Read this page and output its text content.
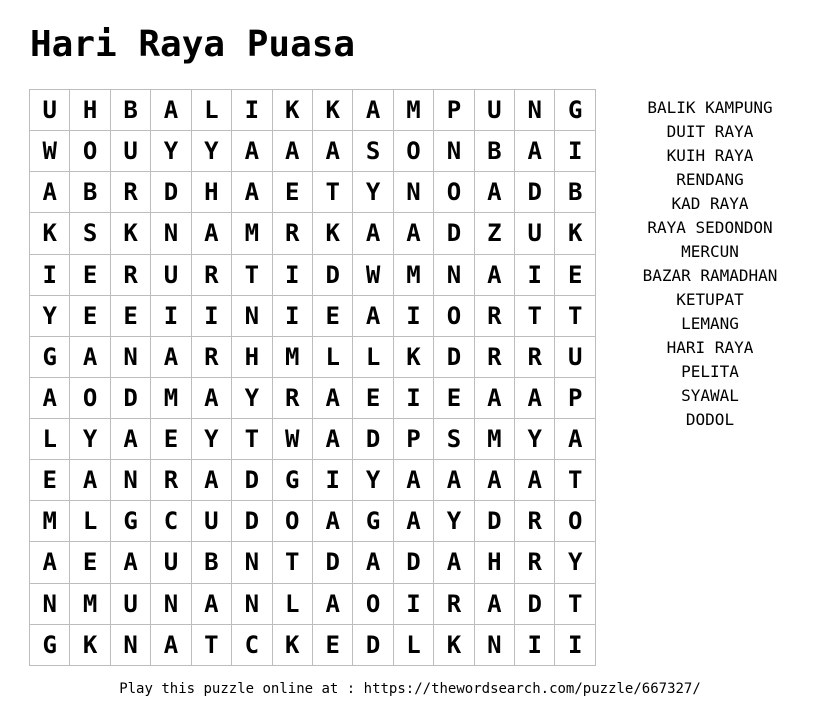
Hari Raya Puasa
U	H	B	A	L	I	K	K	A	M	P	U	N	G
W	O	U	Y	Y	A	A	A	S	O	N	B	A	I
A	B	R	D	H	A	E	T	Y	N	O	A	D	B
K	S	K	N	A	M	R	K	A	A	D	Z	U	K
I	E	R	U	R	T	I	D	W	M	N	A	I	E
Y	E	E	I	I	N	I	E	A	I	O	R	T	T
G	A	N	A	R	H	M	L	L	K	D	R	R	U
A	O	D	M	A	Y	R	A	E	I	E	A	A	P
L	Y	A	E	Y	T	W	A	D	P	S	M	Y	A
E	A	N	R	A	D	G	I	Y	A	A	A	A	T
M	L	G	C	U	D	O	A	G	A	Y	D	R	O
A	E	A	U	B	N	T	D	A	D	A	H	R	Y
N	M	U	N	A	N	L	A	O	I	R	A	D	T
G	K	N	A	T	C	K	E	D	L	K	N	I	I
BALIK KAMPUNG
DUIT RAYA
KUIH RAYA
RENDANG
KAD RAYA
RAYA SEDONDON
MERCUN
BAZAR RAMADHAN
KETUPAT
LEMANG
HARI RAYA
PELITA
SYAWAL
DODOL
Play this puzzle online at : https://thewordsearch.com/puzzle/667327/
